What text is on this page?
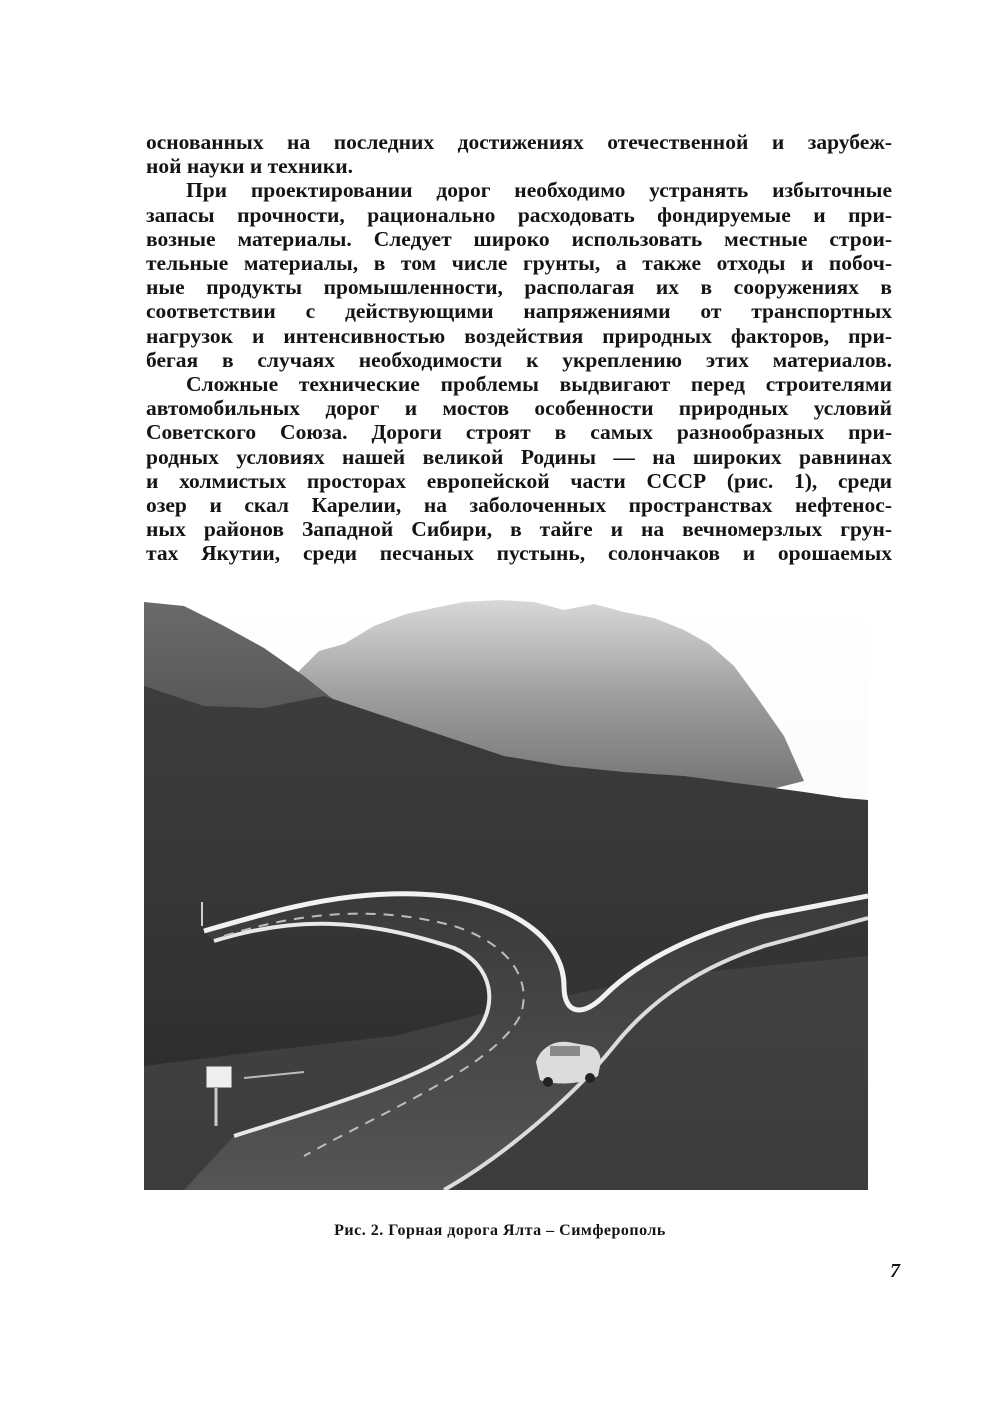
основанных на последних достижениях отечественной и зарубеж-
ной науки и техники.

При проектировании дорог необходимо устранять избыточные
запасы прочности, рационально расходовать фондируемые и при-
возные материалы. Следует широко использовать местные строи-
тельные материалы, в том числе грунты, а также отходы и побоч-
ные продукты промышленности, располагая их в сооружениях в
соответствии с действующими напряжениями от транспортных
нагрузок и интенсивностью воздействия природных факторов, при-
бегая в случаях необходимости к укреплению этих материалов.

Сложные технические проблемы выдвигают перед строителями
автомобильных дорог и мостов особенности природных условий
Советского Союза. Дороги строят в самых разнообразных при-
родных условиях нашей великой Родины — на широких равнинах
и холмистых просторах европейской части СССР (рис. 1), среди
озер и скал Карелии, на заболоченных пространствах нефтенос-
ных районов Западной Сибири, в тайге и на вечномерзлых грун-
тах Якутии, среди песчаных пустынь, солончаков и орошаемых

Рис. 2. Горная дорога Ялта – Симферополь
7
